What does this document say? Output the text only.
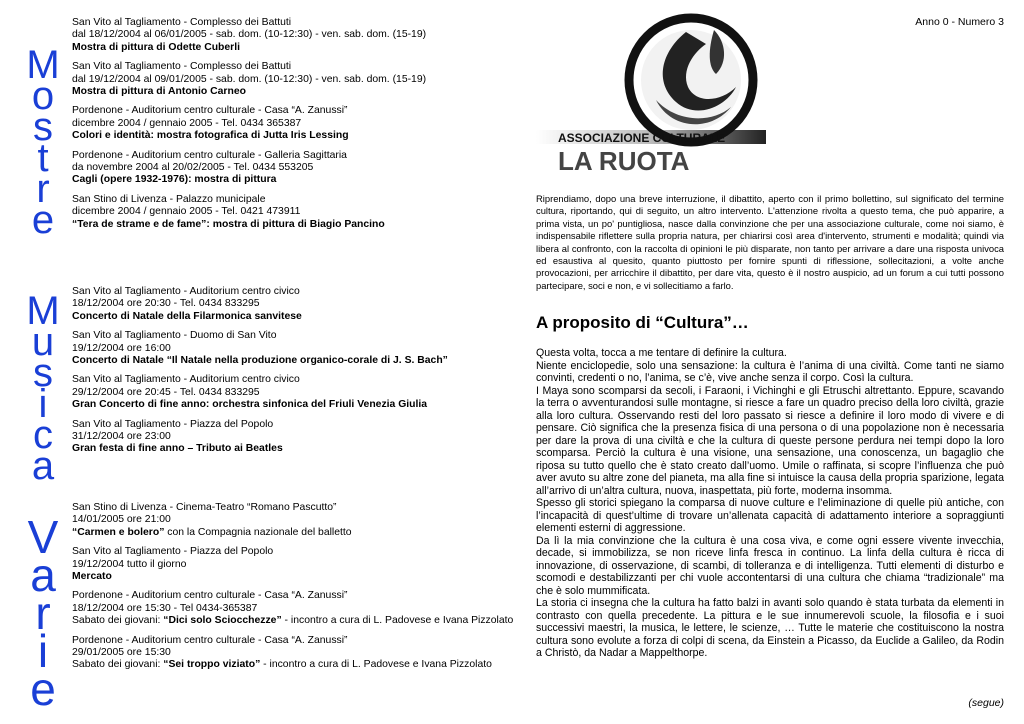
M
o
s
t
r
e
M
u
s
i
c
a
V
a
r
i
e
San Vito al Tagliamento - Complesso dei Battuti
dal 18/12/2004 al 06/01/2005 - sab. dom. (10-12:30) - ven. sab. dom. (15-19)
Mostra di pittura di Odette Cuberli
San Vito al Tagliamento - Complesso dei Battuti
dal 19/12/2004 al 09/01/2005 - sab. dom. (10-12:30) - ven. sab. dom. (15-19)
Mostra di pittura di Antonio Carneo
Pordenone - Auditorium centro culturale - Casa “A. Zanussi”
dicembre 2004 / gennaio 2005 - Tel. 0434 365387
Colori e identità: mostra fotografica di Jutta Iris Lessing
Pordenone - Auditorium centro culturale - Galleria Sagittaria
da novembre 2004 al 20/02/2005 - Tel. 0434 553205
Cagli (opere 1932-1976): mostra di pittura
San Stino di Livenza - Palazzo municipale
dicembre 2004 / gennaio 2005 - Tel. 0421 473911
“Tera de strame e de fame”: mostra di pittura di Biagio Pancino
San Vito al Tagliamento - Auditorium centro civico
18/12/2004 ore 20:30 - Tel. 0434 833295
Concerto di Natale della Filarmonica sanvitese
San Vito al Tagliamento - Duomo di San Vito
19/12/2004 ore 16:00
Concerto di Natale “Il Natale nella produzione organico-corale di J. S. Bach”
San Vito al Tagliamento - Auditorium centro civico
29/12/2004 ore 20:45 - Tel. 0434 833295
Gran Concerto di fine anno: orchestra sinfonica del Friuli Venezia Giulia
San Vito al Tagliamento - Piazza del Popolo
31/12/2004 ore 23:00
Gran festa di fine anno – Tributo ai Beatles
San Stino di Livenza - Cinema-Teatro “Romano Pascutto”
14/01/2005 ore 21:00
“Carmen e bolero” con la Compagnia nazionale del balletto
San Vito al Tagliamento - Piazza del Popolo
19/12/2004 tutto il giorno
Mercato
Pordenone - Auditorium centro culturale - Casa “A. Zanussi”
18/12/2004 ore 15:30 - Tel 0434-365387
Sabato dei giovani: “Dici solo Sciocchezze” - incontro a cura di L. Padovese e Ivana Pizzolato
Pordenone - Auditorium centro culturale - Casa “A. Zanussi”
29/01/2005 ore 15:30
Sabato dei giovani: “Sei troppo viziato” - incontro a cura di L. Padovese e Ivana Pizzolato
Anno 0 - Numero 3
ASSOCIAZIONE CULTURALE
LA RUOTA
Riprendiamo, dopo una breve interruzione, il dibattito, aperto con il primo bollettino, sul significato del termine cultura, riportando, qui di seguito, un altro intervento. L'attenzione rivolta a questo tema, che può apparire, a prima vista, un po' puntigliosa, nasce dalla convinzione che per una associazione culturale, come noi siamo, è indispensabile riflettere sulla propria natura, per chiarirsi così area d'intervento, strumenti e modalità; quindi via libera al confronto, con la raccolta di opinioni le più disparate, non tanto per arrivare a dare una risposta univoca ed esaustiva al quesito, quanto piuttosto per fornire spunti di riflessione, sollecitazioni, a volte anche provocazioni, per arricchire il dibattito, per dare vita, questo è il nostro auspicio, ad un forum a cui tutti possono partecipare, soci e non, e vi sollecitiamo a farlo.
A proposito di “Cultura”…

Questa volta, tocca a me tentare di definire la cultura.

Niente enciclopedie, solo una sensazione: la cultura è l’anima di una civiltà. Come tanti ne siamo convinti, credenti o no, l’anima, se c’è, vive anche senza il corpo. Così la cultura.

I Maya sono scomparsi da secoli, i Faraoni, i Vichinghi e gli Etruschi altrettanto. Eppure, scavando la terra o avventurandosi sulle montagne, si riesce a fare un quadro preciso della loro civiltà, grazie alla loro cultura. Osservando resti del loro passato si riesce a definire il loro modo di vivere e di pensare. Ciò significa che la presenza fisica di una persona o di una popolazione non è necessaria per dare la prova di una civiltà e che la cultura di queste persone perdura nei tempi dopo la loro scomparsa. Perciò la cultura è una visione, una sensazione, una conoscenza, un bagaglio che riposa su tutto quello che è stato creato dall’uomo. Umile o raffinata, si scopre l’influenza che può aver avuto su altre zone del pianeta, ma alla fine si intuisce la causa della propria sparizione, legata all’arrivo di un’altra cultura, nuova, inaspettata, più forte, moderna insomma.

Spesso gli storici spiegano la comparsa di nuove culture e l’eliminazione di quelle più antiche, con l’incapacità di quest’ultime di trovare un’allenata capacità di adattamento interiore a sopraggiunti elementi esterni di aggressione.

Da lì la mia convinzione che la cultura è una cosa viva, e come ogni essere vivente invecchia, decade, si immobilizza, se non riceve linfa fresca in continuo. La linfa della cultura è ricca di innovazione, di osservazione, di scambi, di tolleranza e di intelligenza. Tutti elementi di disturbo e scomodi e destabilizzanti per chi vuole accontentarsi di una cultura che chiama “tradizionale” ma che è solo mummificata.

La storia ci insegna che la cultura ha fatto balzi in avanti solo quando è stata turbata da elementi in contrasto con quella precedente. La pittura e le sue innumerevoli scuole, la filosofia e i suoi successivi maestri, la musica, le lettere, le scienze, … Tutte le materie che costituiscono la nostra cultura sono evolute a forza di colpi di scena, da Einstein a Picasso, da Euclide a Galileo, da Rodin a Christò, da Nadar a Mappelthorpe.

(segue)
